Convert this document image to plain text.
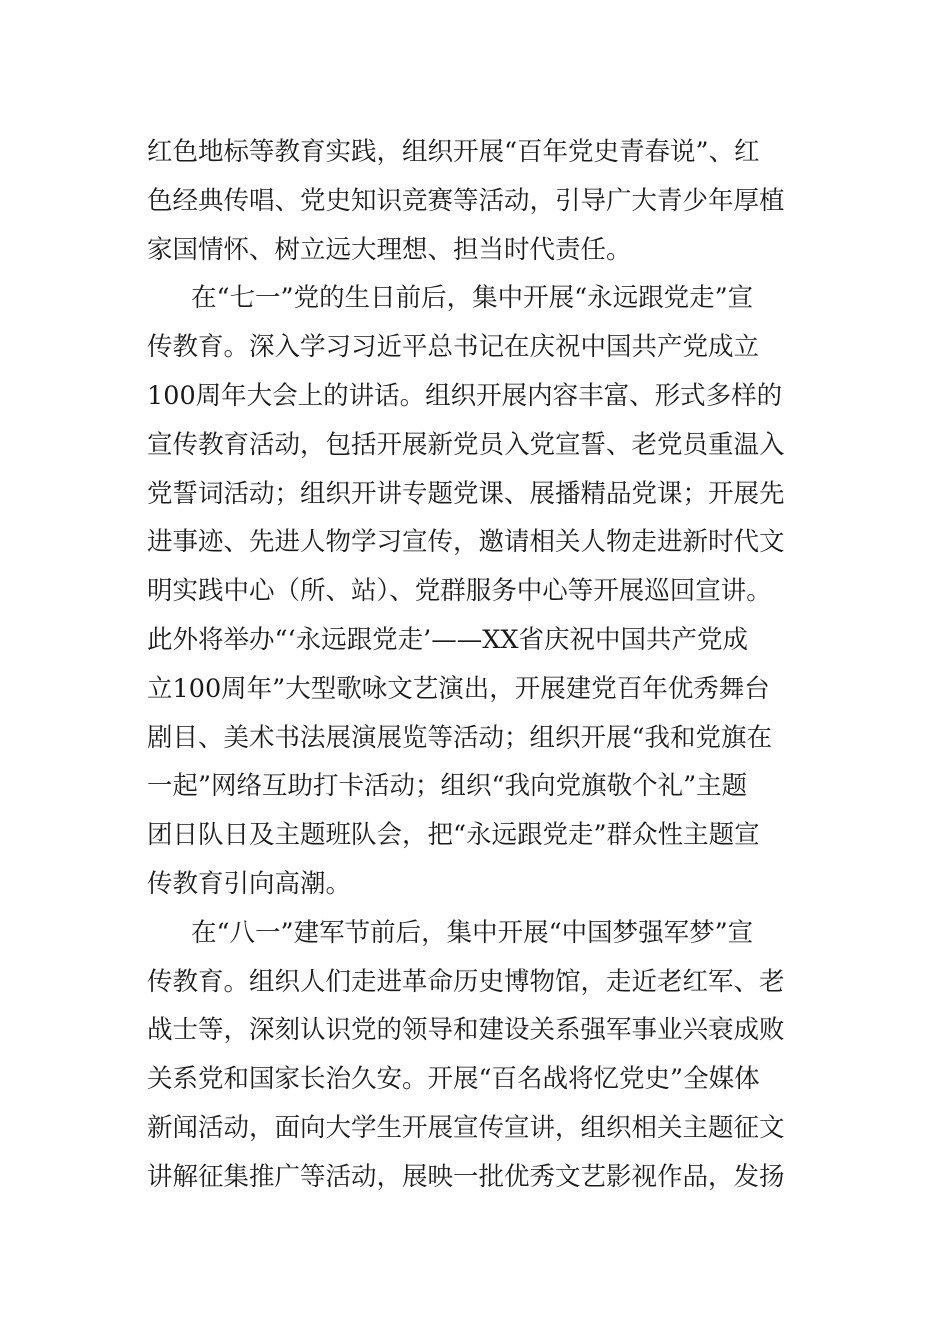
红色地标等教育实践，组织开展“百年党史青春说”、红
色经典传唱、党史知识竞赛等活动，引导广大青少年厚植
家国情怀、树立远大理想、担当时代责任。
在“七一”党的生日前后，集中开展“永远跟党走”宣
传教育。深入学习习近平总书记在庆祝中国共产党成立
100周年大会上的讲话。组织开展内容丰富、形式多样的
宣传教育活动，包括开展新党员入党宣誓、老党员重温入
党誓词活动；组织开讲专题党课、展播精品党课；开展先
进事迹、先进人物学习宣传，邀请相关人物走进新时代文
明实践中心（所、站）、党群服务中心等开展巡回宣讲。
此外将举办“‘永远跟党走’——XX省庆祝中国共产党成
立100周年”大型歌咏文艺演出，开展建党百年优秀舞台
剧目、美术书法展演展览等活动；组织开展“我和党旗在
一起”网络互助打卡活动；组织“我向党旗敬个礼”主题
团日队日及主题班队会，把“永远跟党走”群众性主题宣
传教育引向高潮。
在“八一”建军节前后，集中开展“中国梦强军梦”宣
传教育。组织人们走进革命历史博物馆，走近老红军、老
战士等，深刻认识党的领导和建设关系强军事业兴衰成败
关系党和国家长治久安。开展“百名战将忆党史”全媒体
新闻活动，面向大学生开展宣传宣讲，组织相关主题征文
讲解征集推广等活动，展映一批优秀文艺影视作品，发扬
